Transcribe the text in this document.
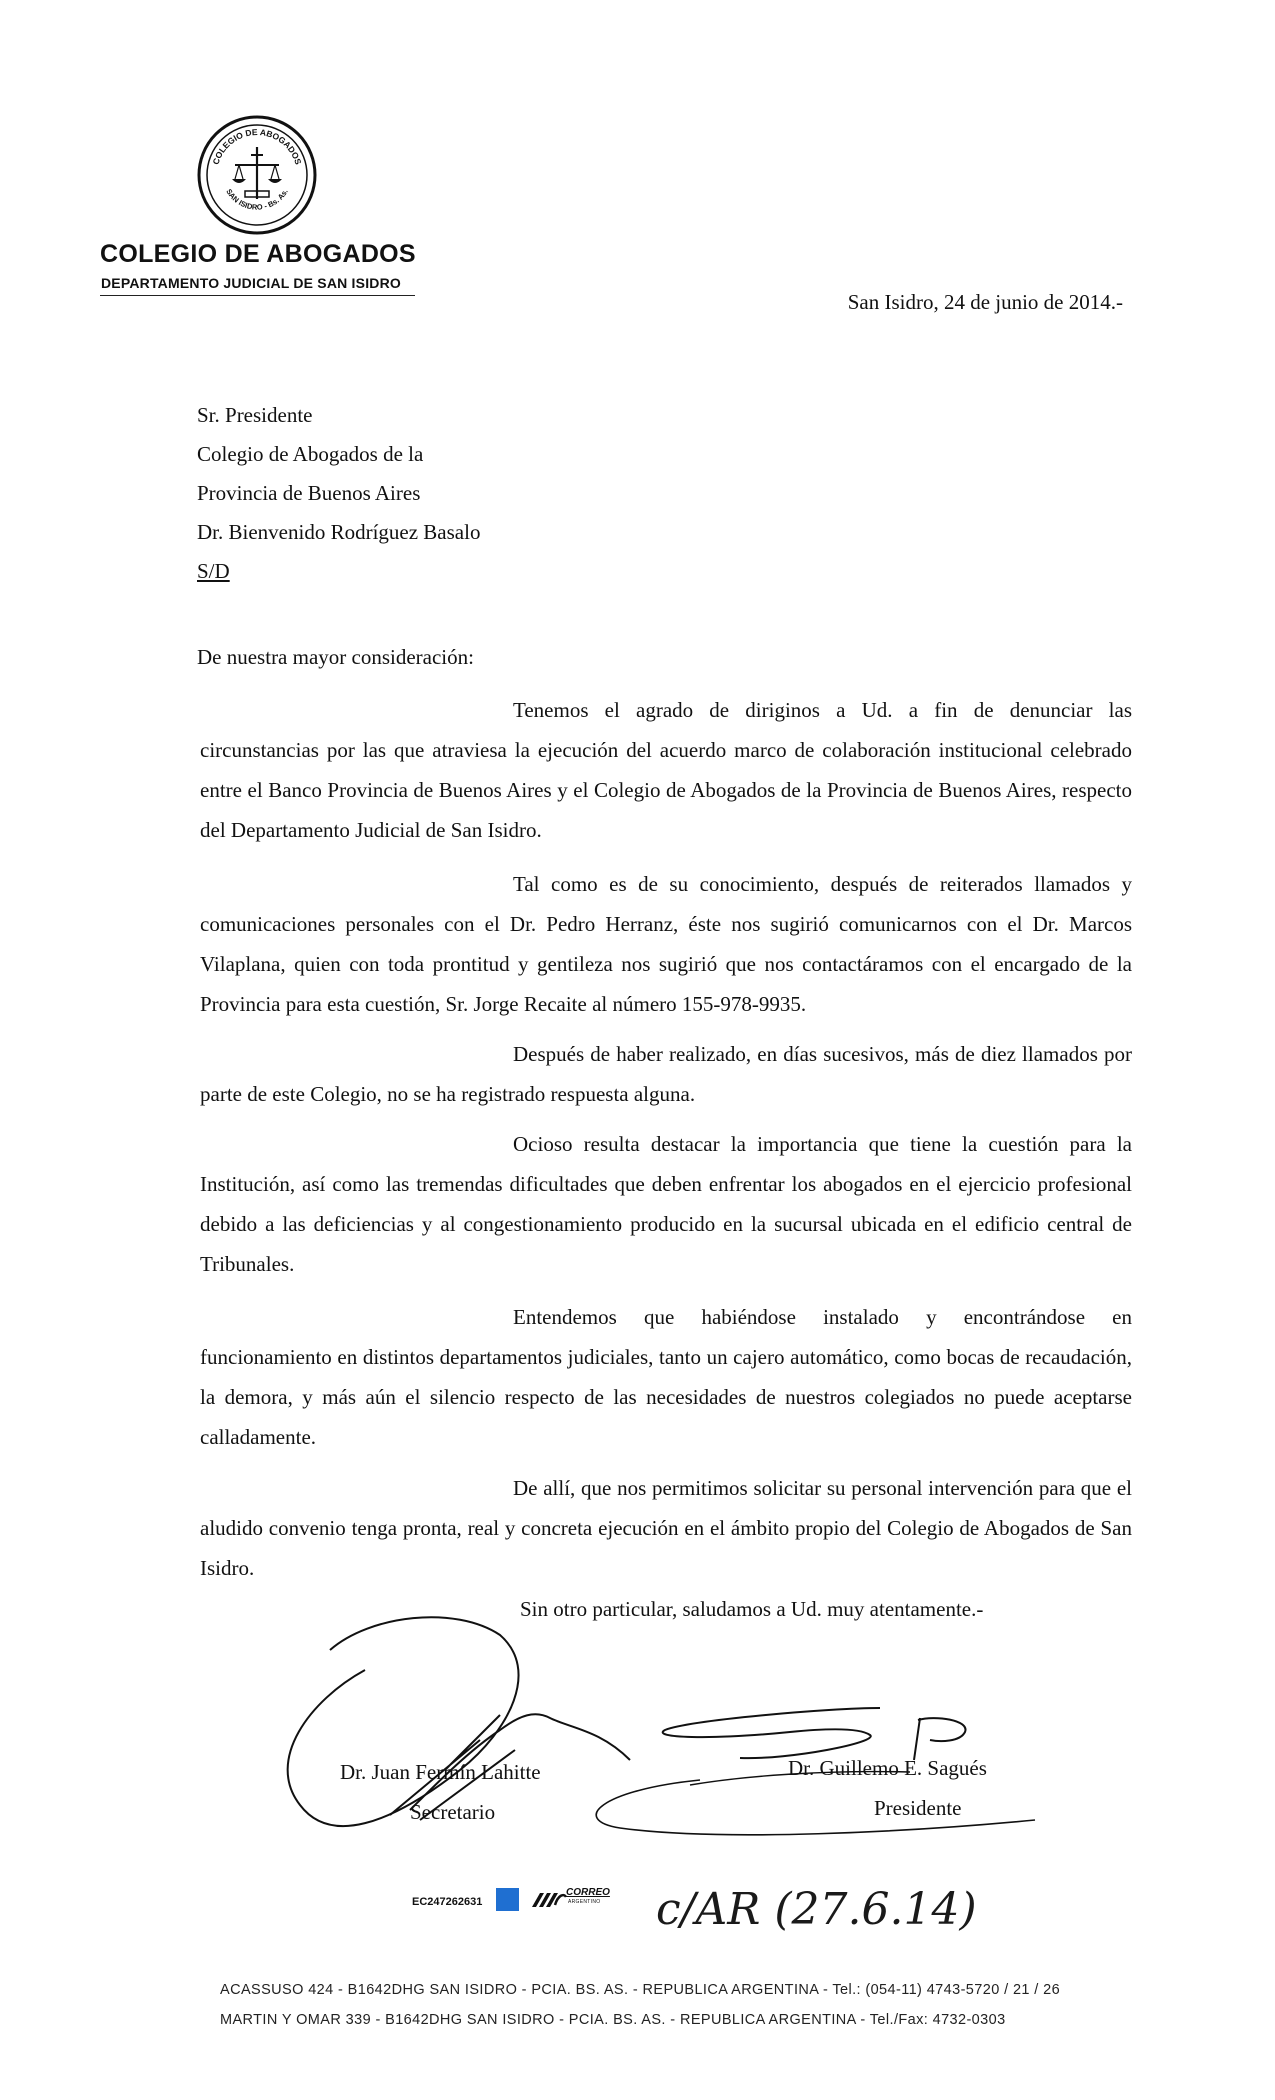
COLEGIO DE ABOGADOS
SAN ISIDRO - Bs. As.
COLEGIO DE ABOGADOS
DEPARTAMENTO JUDICIAL DE SAN ISIDRO
San Isidro, 24 de junio de 2014.-
Sr. Presidente
Colegio de Abogados de la
Provincia de Buenos Aires
Dr. Bienvenido Rodríguez Basalo
S/D
De nuestra mayor consideración:
Tenemos el agrado de diriginos a Ud. a fin de denunciar las circunstancias por las que atraviesa la ejecución del acuerdo marco de colaboración institucional celebrado entre el Banco Provincia de Buenos Aires y el Colegio de Abogados de la Provincia de Buenos Aires, respecto del Departamento Judicial de San Isidro.
Tal como es de su conocimiento, después de reiterados llamados y comunicaciones personales con el Dr. Pedro Herranz, éste nos sugirió comunicarnos con el Dr. Marcos Vilaplana, quien con toda prontitud y gentileza nos sugirió que nos contactáramos con el encargado de la Provincia para esta cuestión, Sr. Jorge Recaite al número 155-978-9935.
Después de haber realizado, en días sucesivos, más de diez llamados por parte de este Colegio, no se ha registrado respuesta alguna.
Ocioso resulta destacar la importancia que tiene la cuestión para la Institución, así como las tremendas dificultades que deben enfrentar los abogados en el ejercicio profesional debido a las deficiencias y al congestionamiento producido en la sucursal ubicada en el edificio central de Tribunales.
Entendemos que habiéndose instalado y encontrándose en funcionamiento en distintos departamentos judiciales, tanto un cajero automático, como bocas de recaudación, la demora, y más aún el silencio respecto de las necesidades de nuestros colegiados no puede aceptarse calladamente.
De allí, que nos permitimos solicitar su personal intervención para que el aludido convenio tenga pronta, real y concreta ejecución en el ámbito propio del Colegio de Abogados de San Isidro.
Sin otro particular, saludamos a Ud. muy atentamente.-
Dr. Juan Fermín Lahitte
Secretario
Dr. Guillemo E. Sagués
Presidente
EC247262631
CORREO
ARGENTINO c/AR (27.6.14)
ACASSUSO 424 - B1642DHG SAN ISIDRO - PCIA. BS. AS. - REPUBLICA ARGENTINA - Tel.: (054-11) 4743-5720 / 21 / 26
MARTIN Y OMAR 339 - B1642DHG SAN ISIDRO - PCIA. BS. AS. - REPUBLICA ARGENTINA - Tel./Fax: 4732-0303
